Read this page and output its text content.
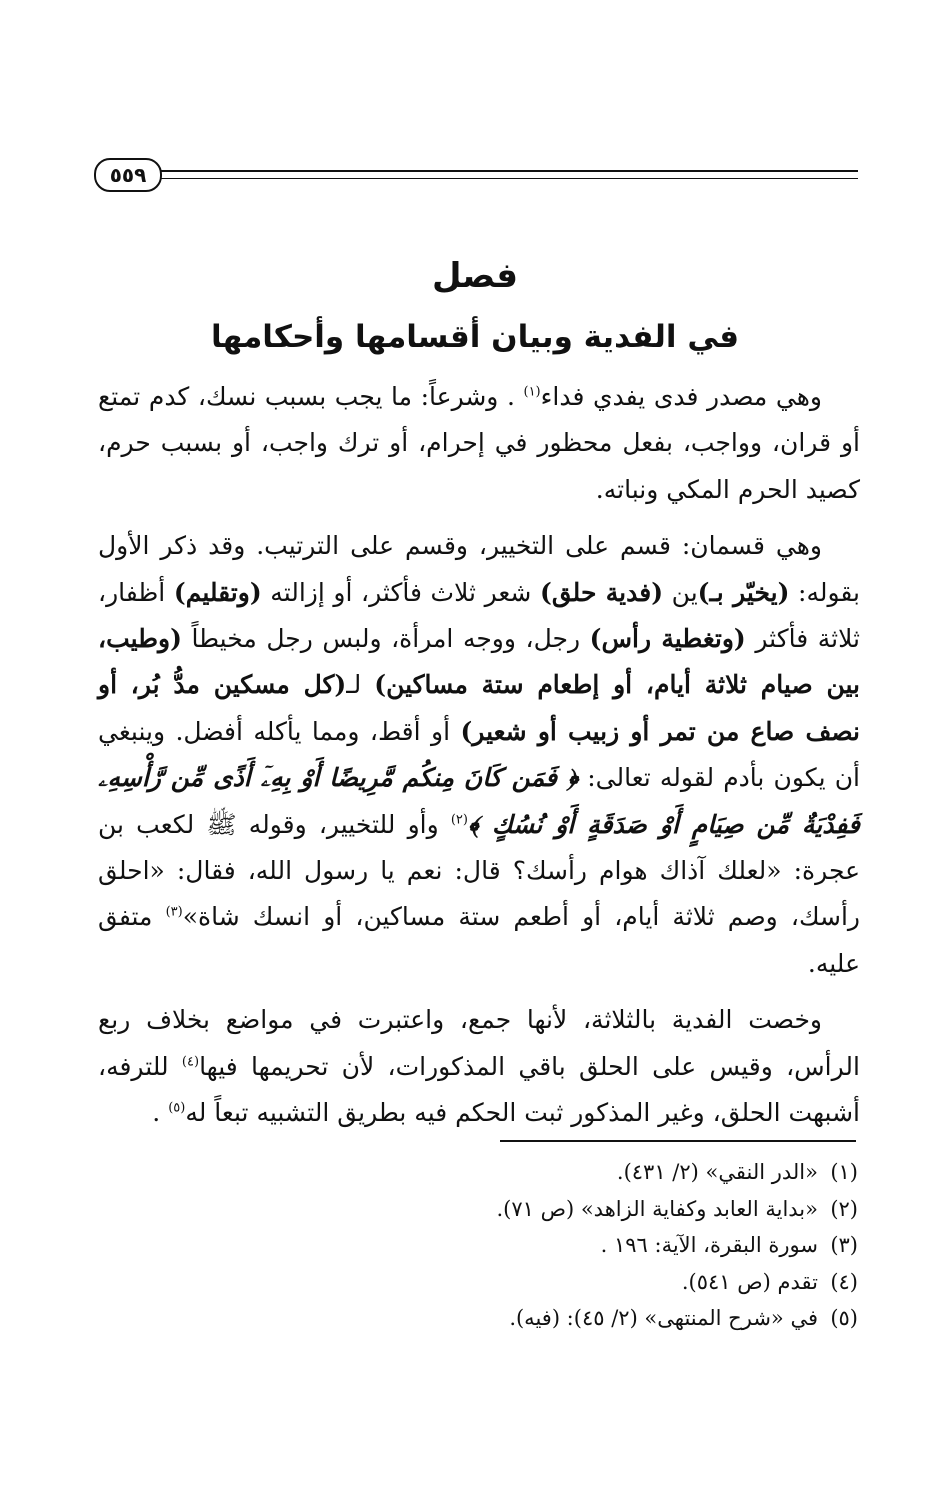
٥٥٩
فصل
في الفدية وبيان أقسامها وأحكامها

وهي مصدر فدى يفدي فداء$^{(١)}$ . وشرعاً: ما يجب بسبب نسك، كدم تمتع أو قران، وواجب، بفعل محظور في إحرام، أو ترك واجب، أو بسبب حرم، كصيد الحرم المكي ونباته.

وهي قسمان: قسم على التخيير، وقسم على الترتيب. وقد ذكر الأول بقوله: (يخيّر بـ)ين (فدية حلق) شعر ثلاث فأكثر، أو إزالته (وتقليم) أظفار، ثلاثة فأكثر (وتغطية رأس) رجل، ووجه امرأة، ولبس رجل مخيطاً (وطيب، بين صيام ثلاثة أيام، أو إطعام ستة مساكين) لـ(كل مسكين مدُّ بُر، أو نصف صاع من تمر أو زبيب أو شعير) أو أقط، ومما يأكله أفضل. وينبغي أن يكون بأدم لقوله تعالى: ﴿ فَمَن كَانَ مِنكُم مَّرِيضًا أَوْ بِهِۦٓ أَذًى مِّن رَّأْسِهِۦ فَفِدْيَةٌ مِّن صِيَامٍ أَوْ صَدَقَةٍ أَوْ نُسُكٍ ﴾$^{(٢)}$ وأو للتخيير، وقوله ﷺ لكعب بن عجرة: «لعلك آذاك هوام رأسك؟ قال: نعم يا رسول الله، فقال: «احلق رأسك، وصم ثلاثة أيام، أو أطعم ستة مساكين، أو انسك شاة»$^{(٣)}$ متفق عليه.

وخصت الفدية بالثلاثة، لأنها جمع، واعتبرت في مواضع بخلاف ربع الرأس، وقيس على الحلق باقي المذكورات، لأن تحريمها فيها$^{(٤)}$ للترفه، أشبهت الحلق، وغير المذكور ثبت الحكم فيه بطريق التشبيه تبعاً له$^{(٥)}$ .

(١)
«الدر النقي» (٢/ ٤٣١).
(٢)
«بداية العابد وكفاية الزاهد» (ص ٧١).
(٣)
سورة البقرة، الآية: ١٩٦ .
(٤)
تقدم (ص ٥٤١).
(٥)
في «شرح المنتهى» (٢/ ٤٥): (فيه).
